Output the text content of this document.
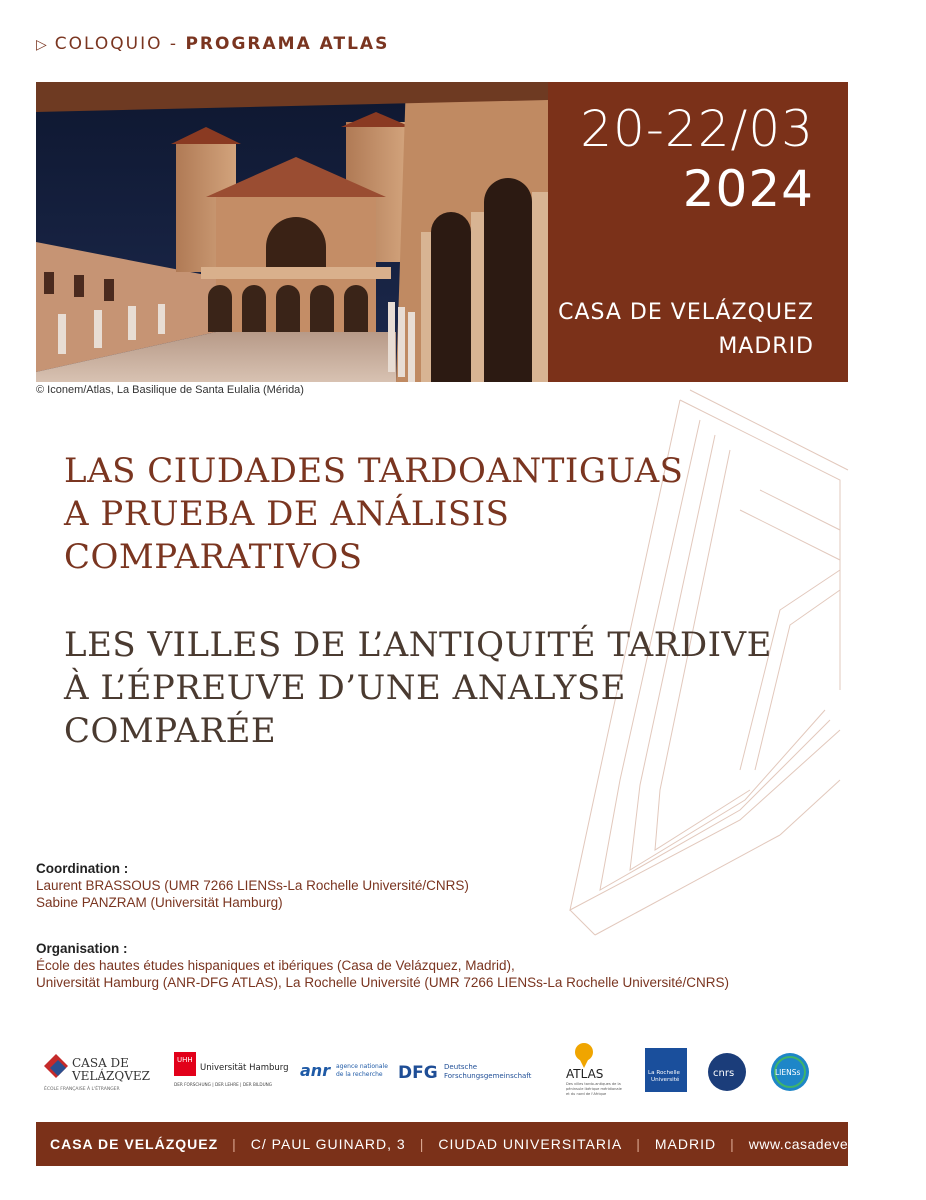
▷ COLOQUIO - PROGRAMA ATLAS
© Iconem/Atlas, La Basilique de Santa Eulalia (Mérida)
20-22/03
2024
CASA DE VELÁZQUEZ
MADRID
LAS CIUDADES TARDOANTIGUAS
A PRUEBA DE ANÁLISIS
COMPARATIVOS
LES VILLES DE L’ANTIQUITÉ TARDIVE
À L’ÉPREUVE D’UNE ANALYSE
COMPARÉE
Coordination :
Laurent BRASSOUS (UMR 7266 LIENSs-La Rochelle Université/CNRS)
Sabine PANZRAM (Universität Hamburg)
Organisation :
École des hautes études hispaniques et ibériques (Casa de Velázquez, Madrid),
Universität Hamburg (ANR-DFG ATLAS), La Rochelle Université (UMR 7266 LIENSs-La Rochelle Université/CNRS)
CASA DE
VELÁZQVEZ
ÉCOLE FRANÇAISE À L'ÉTRANGER
UHH
Universität Hamburg
DER FORSCHUNG | DER LEHRE | DER BILDUNG
anr agence nationale
de la recherche DFG Deutsche
Forschungsgemeinschaft	ATLAS
Des villes tardo-antiques de la
péninsule Ibérique méridionale
et du nord de l'Afrique
La Rochelle
Université
cnrs	LIENSs
CASA DE VELÁZQUEZ | C/ PAUL GUINARD, 3 | CIUDAD UNIVERSITARIA | MADRID | www.casadevelazquez.org
